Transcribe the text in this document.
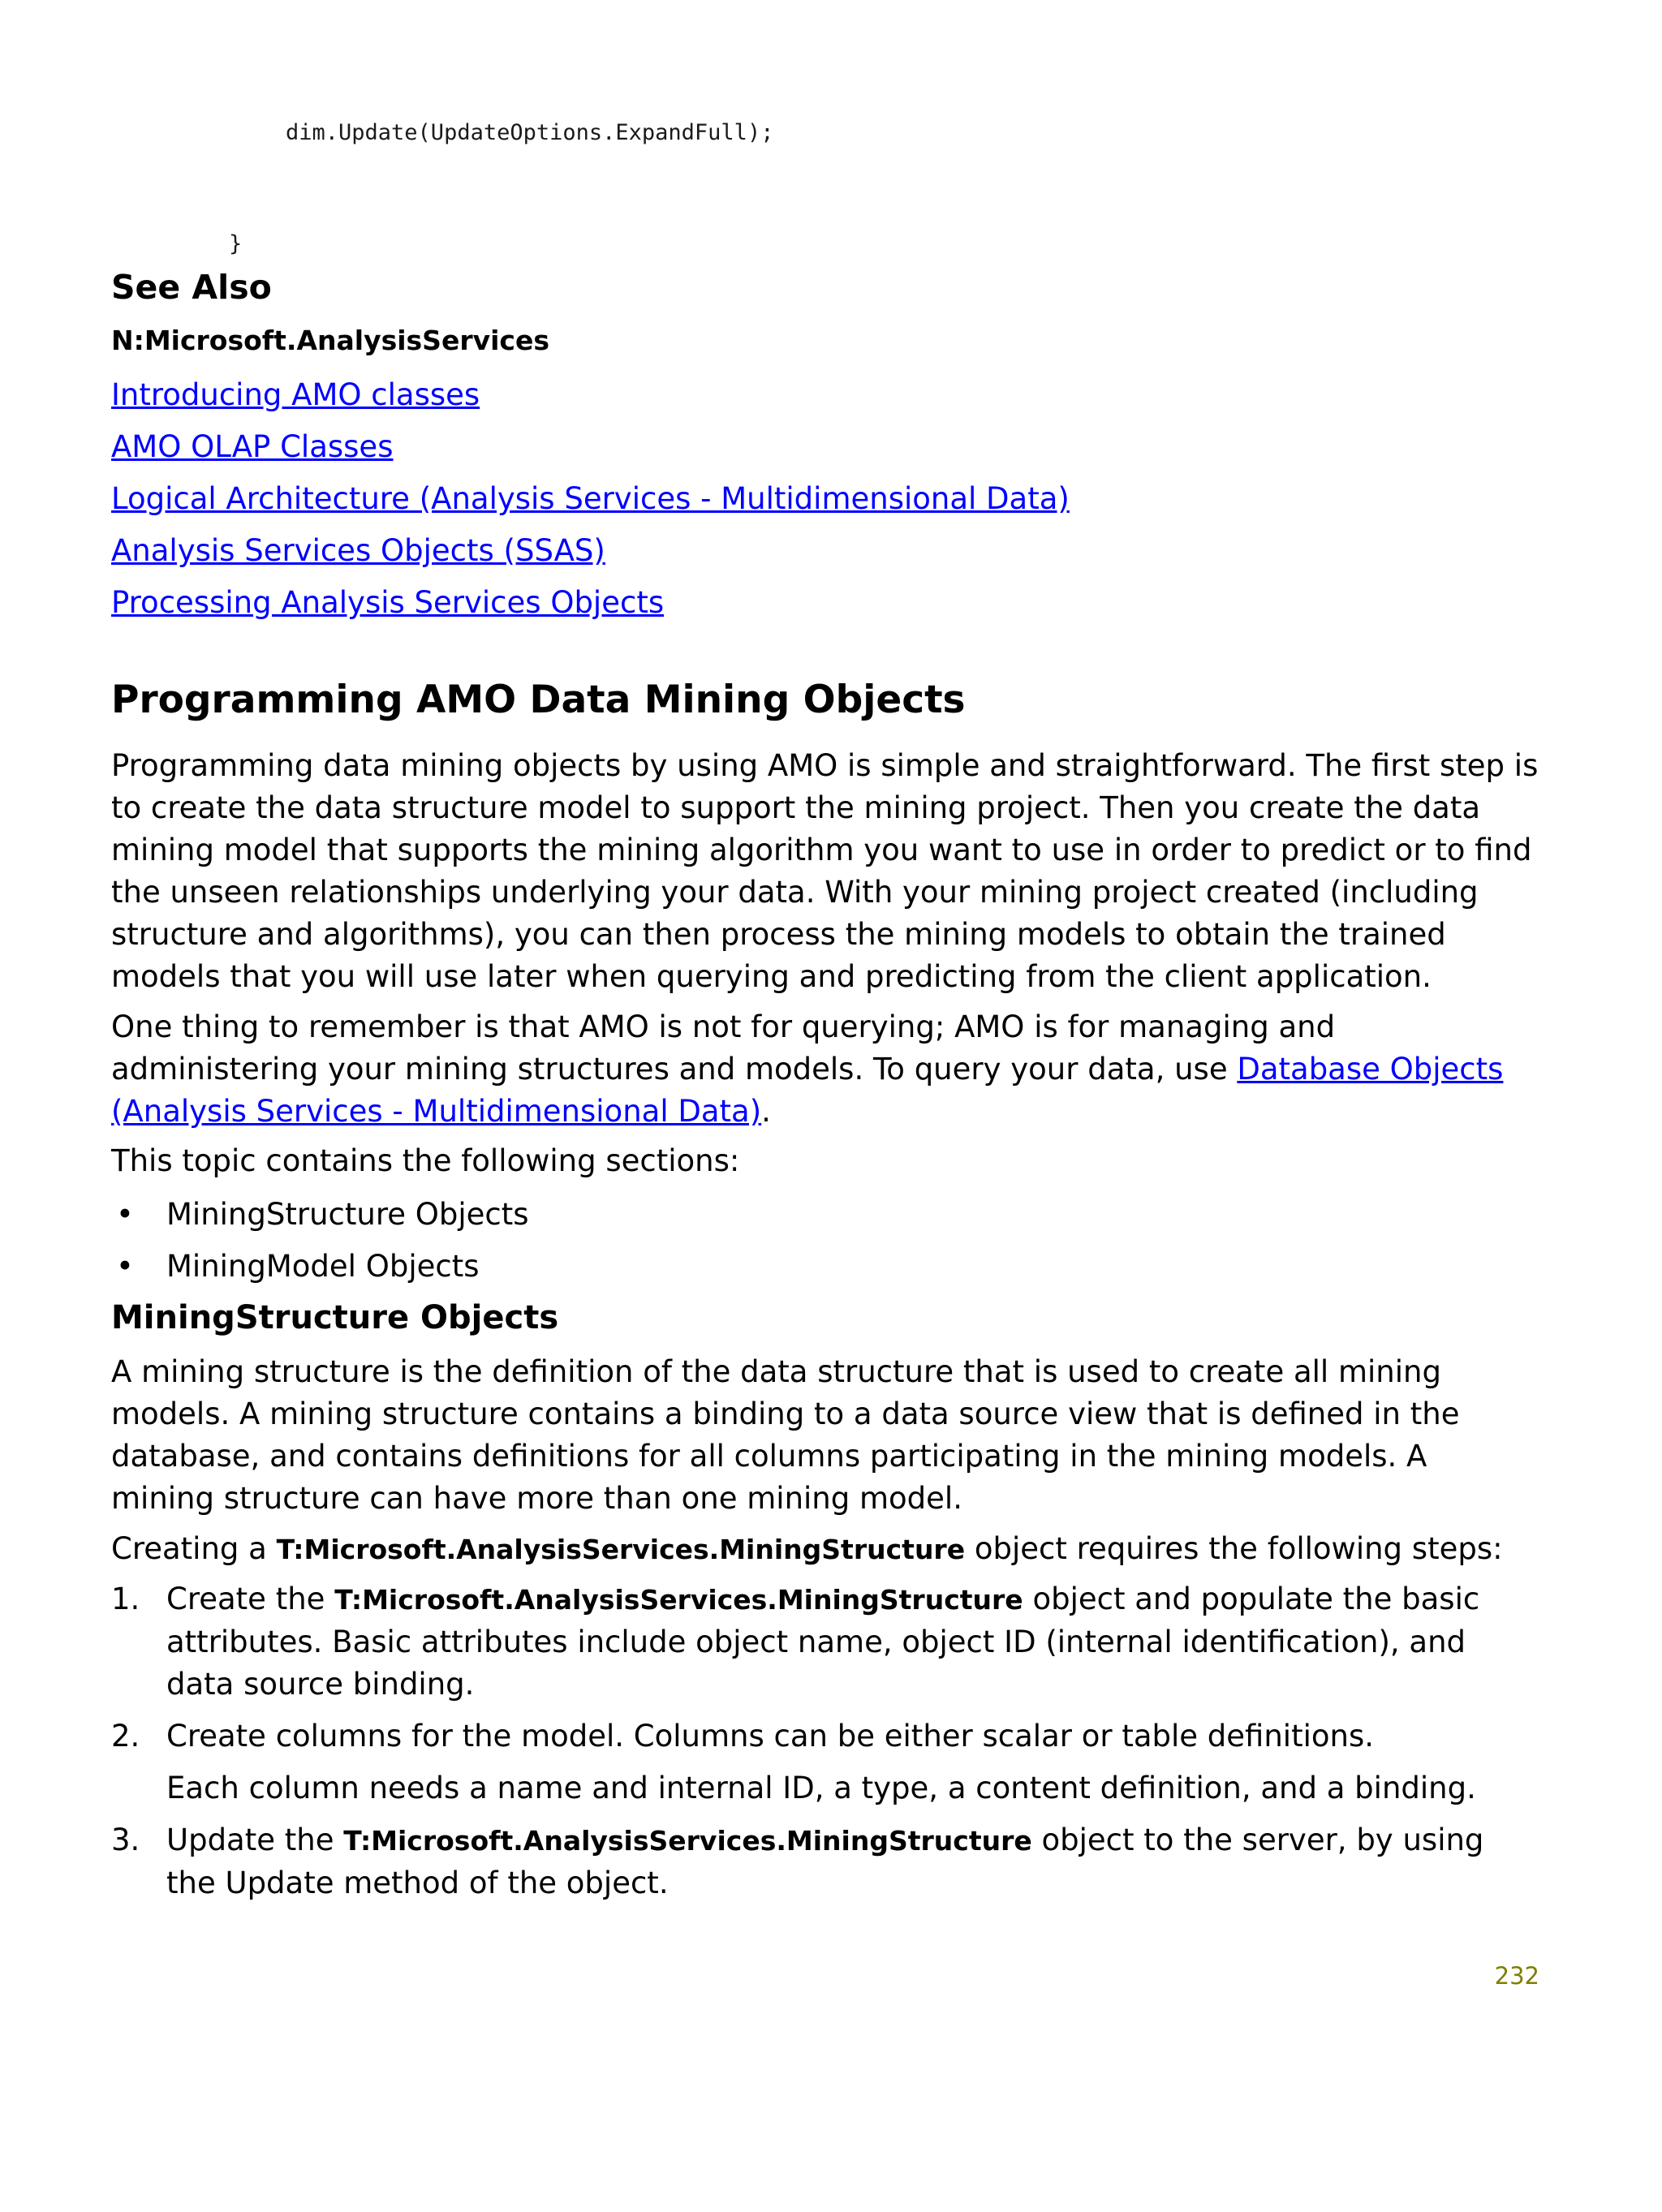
dim.Update(UpdateOptions.ExpandFull);
}
See Also

N:Microsoft.AnalysisServices

Introducing AMO classes
AMO OLAP Classes
Logical Architecture (Analysis Services - Multidimensional Data)
Analysis Services Objects (SSAS)
Processing Analysis Services Objects
Programming AMO Data Mining Objects

Programming data mining objects by using AMO is simple and straightforward. The first step is to create the data structure model to support the mining project. Then you create the data mining model that supports the mining algorithm you want to use in order to predict or to find the unseen relationships underlying your data. With your mining project created (including structure and algorithms), you can then process the mining models to obtain the trained models that you will use later when querying and predicting from the client application.

One thing to remember is that AMO is not for querying; AMO is for managing and administering your mining structures and models. To query your data, use Database Objects (Analysis Services - Multidimensional Data).

This topic contains the following sections:

• MiningStructure Objects
• MiningModel Objects
MiningStructure Objects

A mining structure is the definition of the data structure that is used to create all mining models. A mining structure contains a binding to a data source view that is defined in the database, and contains definitions for all columns participating in the mining models. A mining structure can have more than one mining model.

Creating a T:Microsoft.AnalysisServices.MiningStructure object requires the following steps:

1. Create the T:Microsoft.AnalysisServices.MiningStructure object and populate the basic attributes. Basic attributes include object name, object ID (internal identification), and data source binding.
2. Create columns for the model. Columns can be either scalar or table definitions.
Each column needs a name and internal ID, a type, a content definition, and a binding.
3. Update the T:Microsoft.AnalysisServices.MiningStructure object to the server, by using the Update method of the object.

232
